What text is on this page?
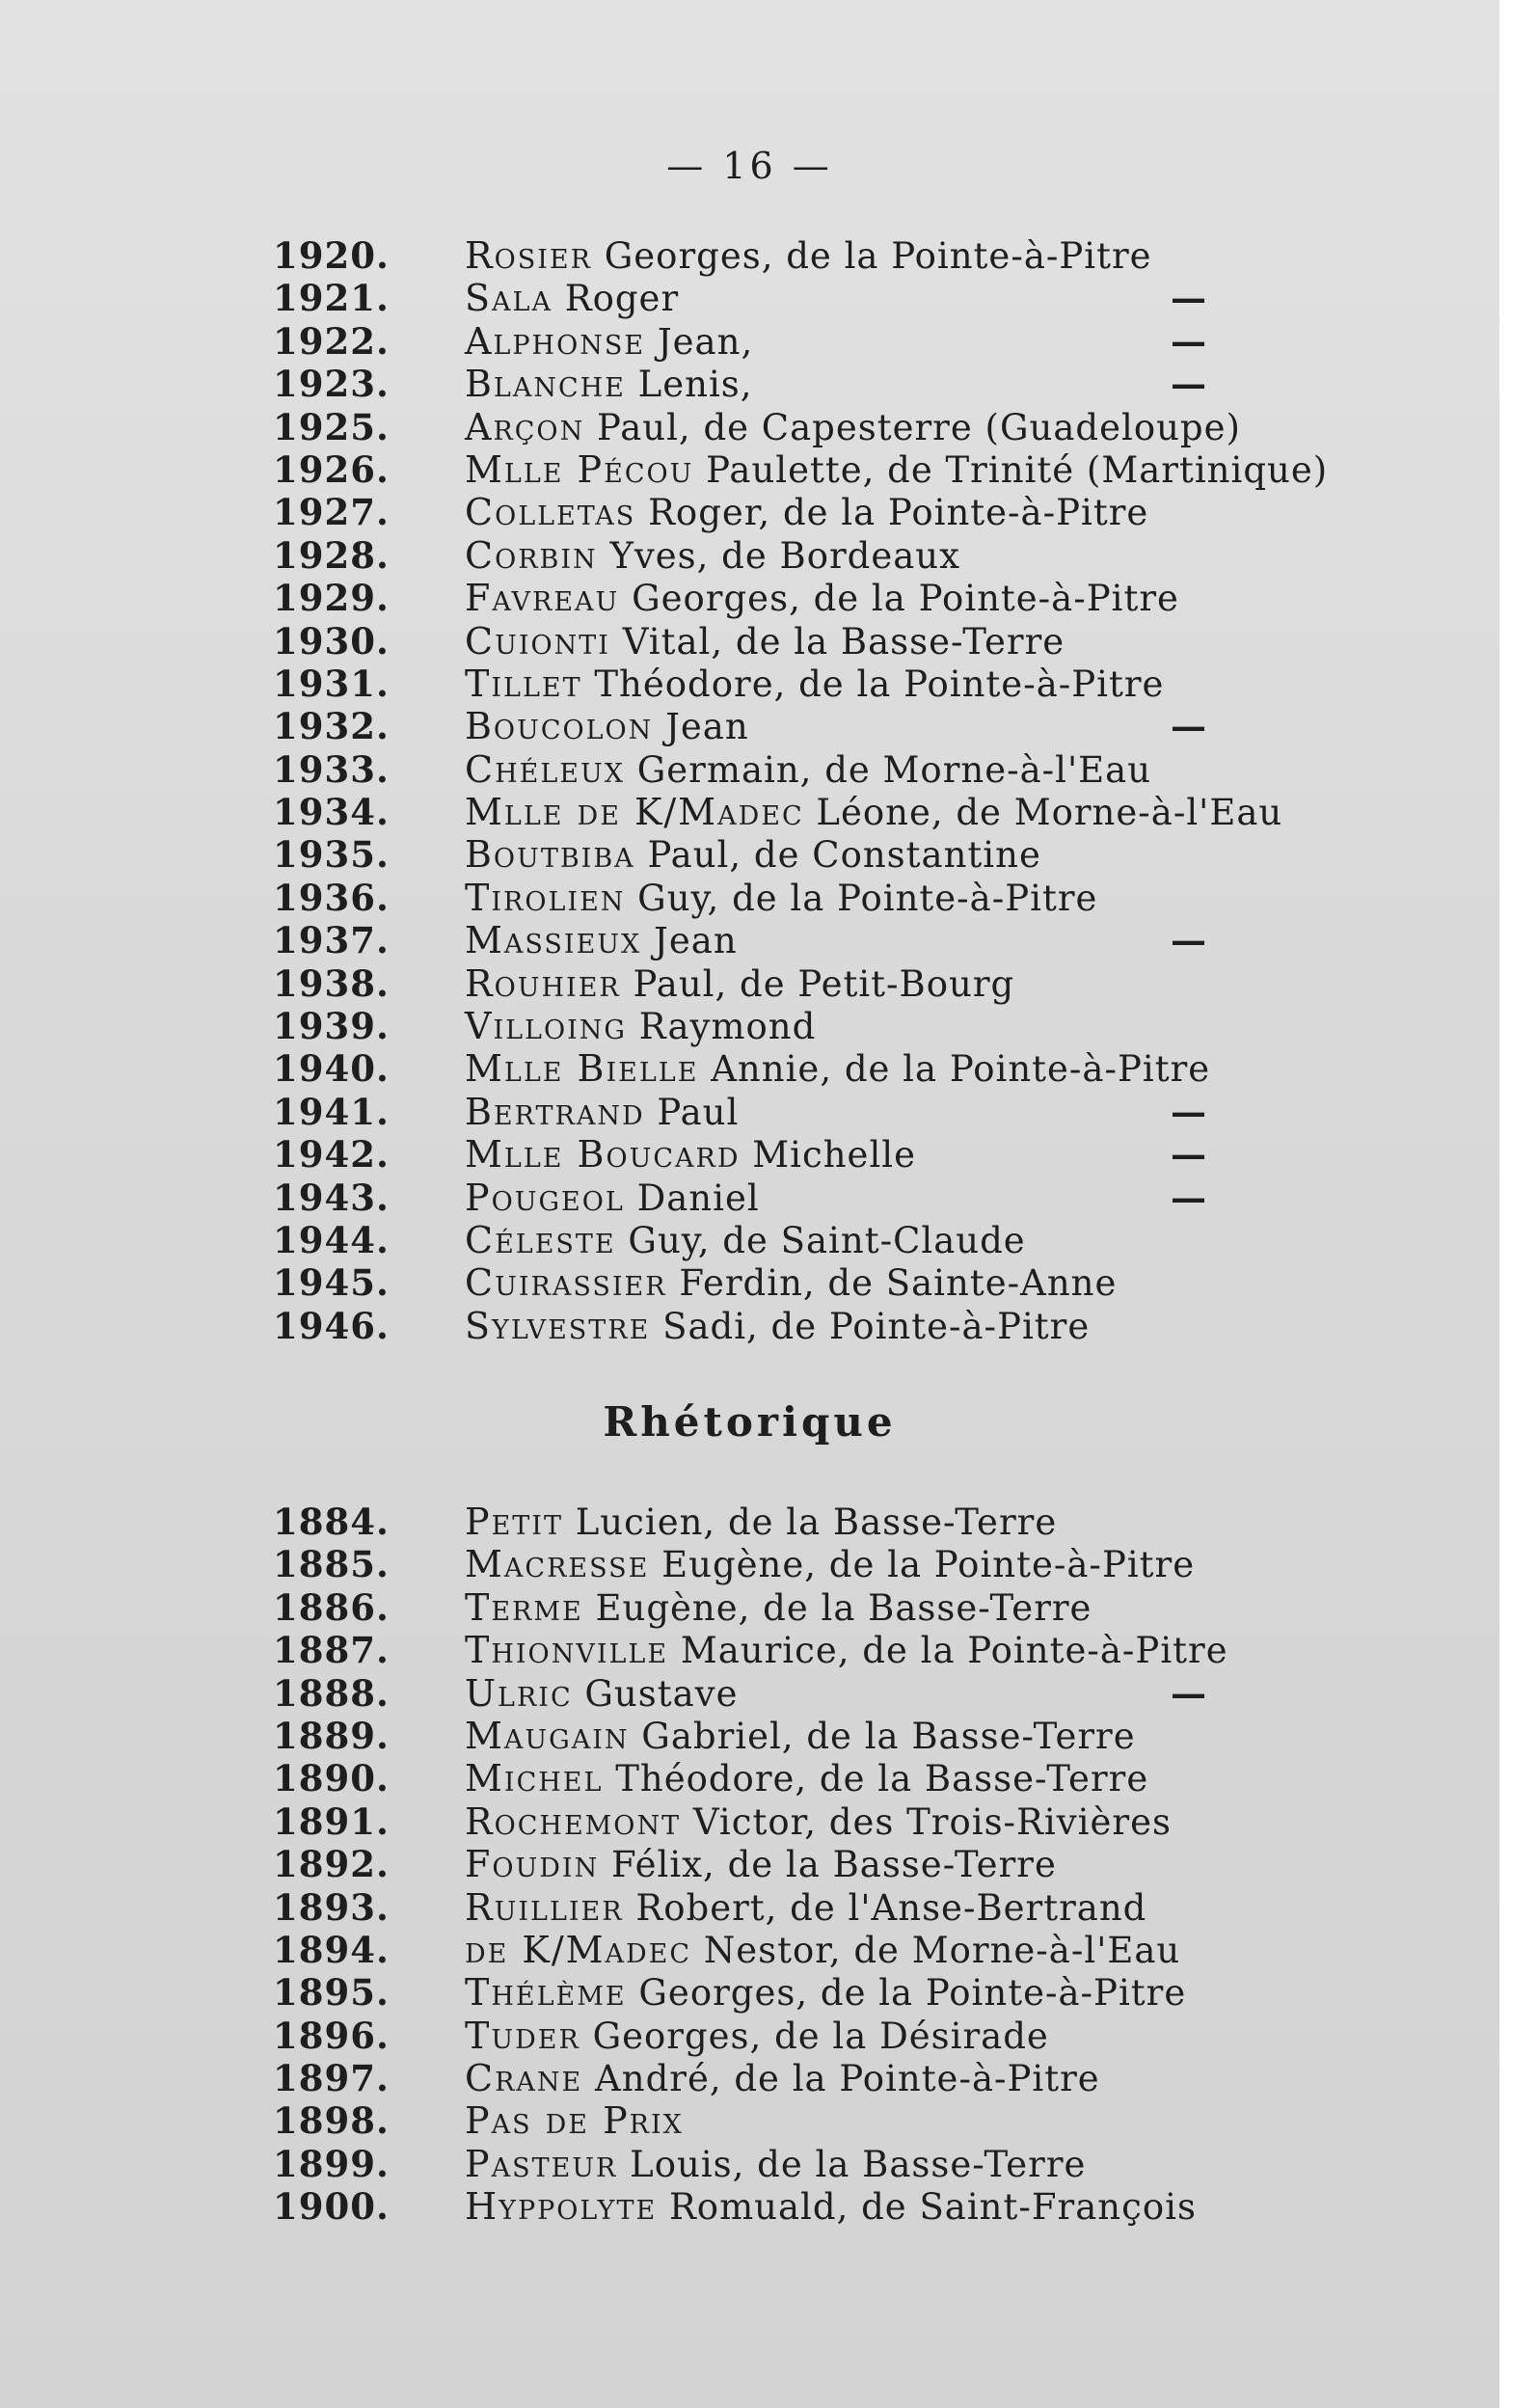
— 16 —
1920.	Rosier Georges, de la Pointe-à-Pitre
1921.	Sala Roger	—
1922.	Alphonse Jean,	—
1923.	Blanche Lenis,	—
1925.	Arçon Paul, de Capesterre (Guadeloupe)
1926.	Mlle Pécou Paulette, de Trinité (Martinique)
1927.	Colletas Roger, de la Pointe-à-Pitre
1928.	Corbin Yves, de Bordeaux
1929.	Favreau Georges, de la Pointe-à-Pitre
1930.	Cuionti Vital, de la Basse-Terre
1931.	Tillet Théodore, de la Pointe-à-Pitre
1932.	Boucolon Jean	—
1933.	Chéleux Germain, de Morne-à-l'Eau
1934.	Mlle de K/Madec Léone, de Morne-à-l'Eau
1935.	Boutbiba Paul, de Constantine
1936.	Tirolien Guy, de la Pointe-à-Pitre
1937.	Massieux Jean	—
1938.	Rouhier Paul, de Petit-Bourg
1939.	Villoing Raymond
1940.	Mlle Bielle Annie, de la Pointe-à-Pitre
1941.	Bertrand Paul	—
1942.	Mlle Boucard Michelle	—
1943.	Pougeol Daniel	—
1944.	Céleste Guy, de Saint-Claude
1945.	Cuirassier Ferdin, de Sainte-Anne
1946.	Sylvestre Sadi, de Pointe-à-Pitre
Rhétorique
1884.	Petit Lucien, de la Basse-Terre
1885.	Macresse Eugène, de la Pointe-à-Pitre
1886.	Terme Eugène, de la Basse-Terre
1887.	Thionville Maurice, de la Pointe-à-Pitre
1888.	Ulric Gustave	—
1889.	Maugain Gabriel, de la Basse-Terre
1890.	Michel Théodore, de la Basse-Terre
1891.	Rochemont Victor, des Trois-Rivières
1892.	Foudin Félix, de la Basse-Terre
1893.	Ruillier Robert, de l'Anse-Bertrand
1894.	de K/Madec Nestor, de Morne-à-l'Eau
1895.	Thélème Georges, de la Pointe-à-Pitre
1896.	Tuder Georges, de la Désirade
1897.	Crane André, de la Pointe-à-Pitre
1898.	Pas de Prix
1899.	Pasteur Louis, de la Basse-Terre
1900.	Hyppolyte Romuald, de Saint-François
